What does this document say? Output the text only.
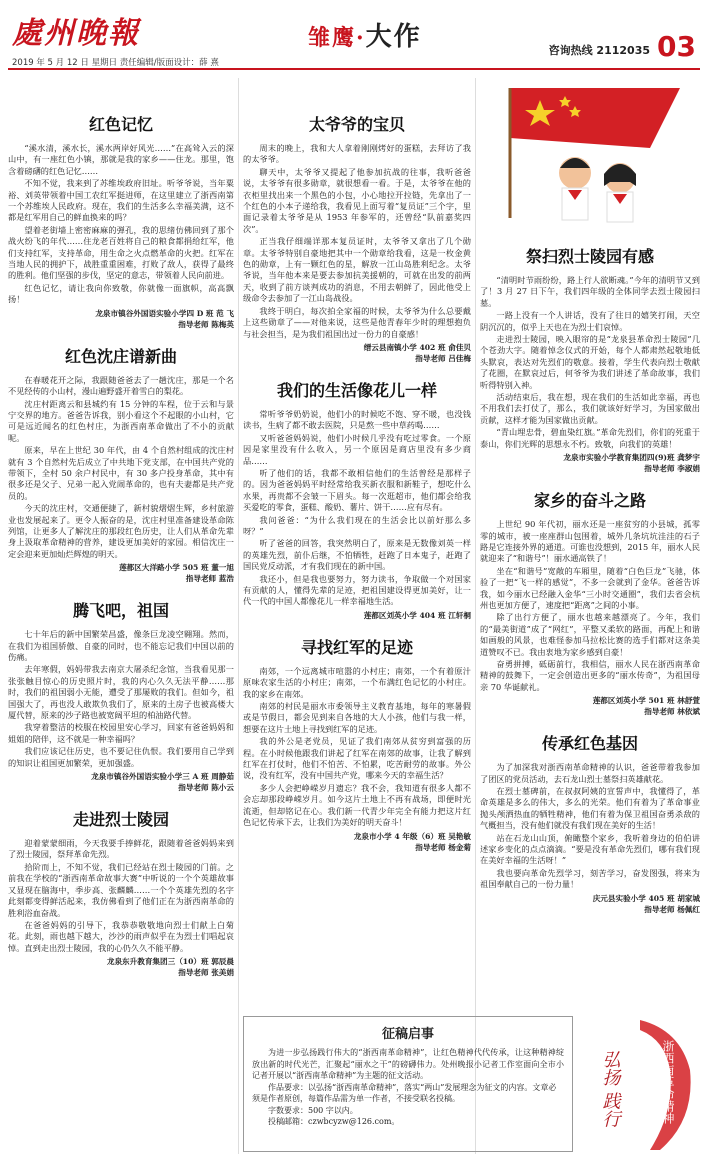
處州晚報	雏鹰·大作	咨询热线 2112035 03
2019 年 5 月 12 日 星期日 责任编辑/版面设计：薛 熹
红色记忆

“溪水清，溪水长，溪水两岸好风光……”在高耸入云的深山中，有一座红色小镇，那就是我的家乡——住龙。那里，饱含着磅礴的红色记忆……

不知不觉，我来到了苏维埃政府旧址。听爷爷说，当年粟裕、刘英带领着中国工农红军挺进师，在这里建立了浙西南第一个苏维埃人民政府。现在，我们的生活多么幸福美满，这不都是红军用自己的鲜血换来的吗？

望着老街墙上密密麻麻的弹孔，我的思绪仿佛回到了那个战火纷飞的年代……住龙老百姓将自己的粮食都捐给红军，他们支持红军，支持革命，用生命之火点燃革命的火把。红军在当地人民的拥护下，战胜重重困难，打败了敌人，获得了最终的胜利。他们坚强的步伐，坚定的意志，带领着人民向前进。

红色记忆，请让我向你致敬，你就像一面旗帜，高高飘扬！

龙泉市镇谷外国语实验小学四 D 班 范 飞
指导老师 陈梅英
红色沈庄谱新曲

在春暖花开之际，我跟随爸爸去了一趟沈庄，那是一个名不见经传的小山村，漫山遍野盛开着雪白的梨花。

沈庄村距离云和县城约有 15 分钟的车程，位于云和与景宁交界的地方。爸爸告诉我，别小看这个不起眼的小山村，它可是远近闻名的红色村庄，为浙西南革命做出了不小的贡献呢。

原来，早在上世纪 30 年代，由 4 个自然村组成的沈庄村就有 3 个自然村先后成立了中共地下党支部，在中国共产党的带领下，全村 50 余户村民中，有 30 多户投身革命，其中有很多还是父子、兄弟一起入党闹革命的，也有夫妻都是共产党员的。

今天的沈庄村，交通便捷了，新村貌熠熠生辉，乡村旅游业也发展起来了。更令人振奋的是，沈庄村里准备建设革命陈列馆，让更多人了解沈庄的那段红色历史，让人们从革命先辈身上汲取革命精神的营养，建设更加美好的家园。相信沈庄一定会迎来更加灿烂辉煌的明天。

莲都区大洋路小学 505 班 董一旭
指导老师 蓝浩
腾飞吧，祖国

七十年后的新中国繁荣昌盛，像条巨龙凌空翱翔。然而，在我们为祖国骄傲、自豪的同时，也不能忘记我们中国以前的伤痛。

去年寒假，妈妈带我去南京大屠杀纪念馆，当我看见那一张张触目惊心的历史照片时，我的内心久久无法平静……那时，我们的祖国弱小无能，遭受了那屡败的我们。但如今，祖国强大了，再也没人敢欺负我们了，原来的土房子也被高楼大厦代替，原来的沙子路也被宽阔平坦的柏油路代替。

我穿着整洁的校服在校园里安心学习，回家有爸爸妈妈和姐姐的陪伴，这不就是一种幸福吗？

我们应该记住历史，也不要记住仇恨。我们要用自己学到的知识让祖国更加繁荣，更加强盛。

龙泉市镇谷外国语实验小学三 A 班 周静茹
指导老师 陈小云
走进烈士陵园

迎着蒙蒙细雨，今天我要手捧鲜花，跟随着爸爸妈妈来到了烈士陵园，祭拜革命先烈。

拾阶而上，不知不觉，我们已经站在烈士陵园的门前。之前我在学校的“浙西南革命故事大赛”中听说的一个个英雄故事又显现在脑海中，季步高、张麟麟……一个个英雄先烈的名字此刻都变得鲜活起来，我仿佛看到了他们正在为浙西南革命的胜利浴血奋战。

在爸爸妈妈的引导下，我恭恭敬敬地向烈士们献上白菊花。此刻，雨也越下越大，沙沙的雨声似乎在为烈士们唱起哀悼。直到走出烈士陵园，我的心仍久久不能平静。

龙泉东升教育集团三（10）班 郭辰晨
指导老师 张美娟
太爷爷的宝贝

周末的晚上，我和大人拿着刚刚烤好的蛋糕，去拜访了我的太爷爷。

聊天中，太爷爷又提起了他参加抗战的往事，我听爸爸说，太爷爷有很多勋章，就很想看一看。于是，太爷爷在他的衣柜里找出来一个黑色的小包，小心地拉开拉链，先拿出了一个红色的小本子递给我，我看见上面写着“复员证”三个字，里面记录着太爷爷是从 1953 年参军的，还曾经“队前嘉奖四次”。

正当我仔细端详那本复员证时，太爷爷又拿出了几个勋章。太爷爷特别自豪地把其中一个勋章给我看，这是一枚金黄色的勋章，上有一颗红色的星，解放一江山岛胜利纪念。太爷爷说，当年他本来是要去参加抗美援朝的，可就在出发的前两天，收到了前方谈判成功的消息，不用去朝鲜了，因此他受上级命令去参加了一江山岛战役。

我终于明白，每次拍全家福的时候，太爷爷为什么总要戴上这些勋章了——对他来说，这些是他青春年少时的理想抱负与社会担当，是为我们祖国出过一份力的自豪感！

缙云县南镇小学 402 班 俞佳贝
指导老师 吕佳梅
我们的生活像花儿一样

常听爷爷奶奶说，他们小的时候吃不饱、穿不暖，也没钱读书，生病了都不敢去医院，只是熬一些中草药喝……

又听爸爸妈妈说，他们小时候几乎没有吃过零食。一个原因是家里没有什么收入，另一个原因是商店里没有多少商品……

听了他们的话，我都不敢相信他们的生活曾经是那样子的。因为爸爸妈妈平时经常给我买新衣服和新鞋子，想吃什么水果，再贵都不会皱一下眉头。每一次逛超市，他们都会给我买爱吃的零食，蛋糕、酸奶、薯片、饼干……应有尽有。

我问爸爸：“为什么我们现在的生活会比以前好那么多呀？”

听了爸爸的回答，我突然明白了，原来是无数像刘英一样的英雄先烈，前仆后继，不怕牺牲，赶跑了日本鬼子，赶跑了国民党反动派，才有我们现在的新中国。

我还小，但是我也要努力，努力读书，争取做一个对国家有贡献的人，懂得先辈的足迹，把祖国建设得更加美好，让一代一代的中国人都像花儿一样幸福地生活。

莲都区刘英小学 404 班 江轩桐
寻找红军的足迹

南郊，一个远离城市喧嚣的小村庄；南郊，一个有着原汁原味农家生活的小村庄；南郊，一个布满红色记忆的小村庄。我的家乡在南郊。

南郊的村民是丽水市委领导主义教育基地，每年的寒暑假或是节假日，都会见到来自各地的大人小孩，他们与我一样，想要在这片土地上寻找到红军的足迹。

我的外公是老党员，见证了我们南郊从贫穷到富强的历程。在小时候他跟我们讲起了红军在南郊的故事，让我了解到红军在打仗时，他们不怕苦、不怕累，吃苦耐劳的故事。外公说，没有红军，没有中国共产党，哪来今天的幸福生活？

多少人会把峥嵘岁月遗忘？我不会，我知道有很多人都不会忘却那段峥嵘岁月。如今这片土地上不再有战场，即便时光流逝，但却铭记在心。我们新一代青少年完全有能力把这片红色记忆传承下去，让我们为美好的明天奋斗！

龙泉市小学 4 年级（6）班 吴艳敏
指导老师 杨金菊
祭扫烈士陵园有感

“清明时节雨纷纷，路上行人欲断魂。”今年的清明节又到了！3 月 27 日下午，我们四年级的全体同学去烈士陵园扫墓。

一路上没有一个人讲话，没有了往日的嬉笑打闹，天空阴沉沉的，似乎上天也在为烈士们哀悼。

走进烈士陵园，映入眼帘的是“龙泉县革命烈士陵园”几个苍劲大字。随着悼念仪式的开始，每个人都肃然起敬地低头默哀，表达对先烈们的敬意。接着，学生代表向烈士敬献了花圈，在默哀过后，何爷爷为我们讲述了革命故事，我们听得特别入神。

活动结束后，我在想，现在我们的生活如此幸福，再也不用我们去打仗了，那么，我们就该好好学习，为国家做出贡献，这样才能为国家做出贡献。

“青山埋忠骨，碧血染红旗。”革命先烈们，你们的死重于泰山，你们光辉的思想永不朽。致敬，向我们的英雄！

龙泉市实验小学教育集团四(9)班 龚梦宇
指导老师 李淑娟
家乡的奋斗之路

上世纪 90 年代初，丽水还是一座贫穷的小县城，孤零零的城市，被一座座群山包围着，城外几条坑坑洼洼的石子路是它连接外界的通道。可谁也没想到，2015 年，丽水人民就迎来了“和谐号”！丽水通高铁了！

坐在“和谐号”宽敞的车厢里，随着“白色巨龙”飞驰，体验了一把“飞一样的感觉”，不多一会就到了金华。爸爸告诉我，如今丽水已经融入金华“三小时交通圈”，我们去省会杭州也更加方便了，速度把“距离”之间的小事。

除了出行方便了，丽水也越来越漂亮了。今年，我们的“最美街道”成了“网红”，平整又柔软的路面，再配上和谐如画般的风景，也难怪参加马拉松比赛的选手们都对这条美道赞叹不已。我由衷地为家乡感到自豪！

奋勇拼搏，砥砺前行，我相信，丽水人民在浙西南革命精神的鼓舞下，一定会创造出更多的“丽水传奇”，为祖国母亲 70 华诞献礼。

莲都区刘英小学 501 班 林舒萱
指导老师 林依斌
传承红色基因

为了加深我对浙西南革命精神的认识，爸爸带着我参加了团区的党员活动，去石龙山烈士墓祭扫英雄献花。

在烈士墓碑前，在叔叔阿姨的宣誓声中，我懂得了，革命英雄是多么的伟大，多么的光荣。他们有着为了革命事业抛头颅洒热血的牺牲精神，他们有着为保卫祖国奋勇杀敌的气概担当，没有他们就没有我们现在美好的生活！

站在石龙山山顶，俯瞰整个家乡，我听着身边的伯伯讲述家乡变化的点点滴滴。“要是没有革命先烈们，哪有我们现在美好幸福的生活呀！”

我也要向革命先烈学习，刻苦学习，奋发图强，将来为祖国奉献自己的一份力量！

庆元县实验小学 405 班 胡家城
指导老师 杨佩红
征稿启事
为进一步弘扬践行伟大的“浙西南革命精神”，让红色精神代代传承，让这种精神绽放出新的时代光芒，汇聚起“丽水之干”的磅礴伟力。处州晚报小记者工作室面向全市小记者开展以“浙西南革命精神”为主题的征文活动。
作品要求：以弘扬“浙西南革命精神”，落实“两山”发展理念为征文的内容。文章必须是作者原创，每篇作品需为单一作者，不接受联名投稿。
字数要求：500 字以内。
投稿邮箱：czwbcyzw@126.com。	浙西南革命精神
弘扬 践行
